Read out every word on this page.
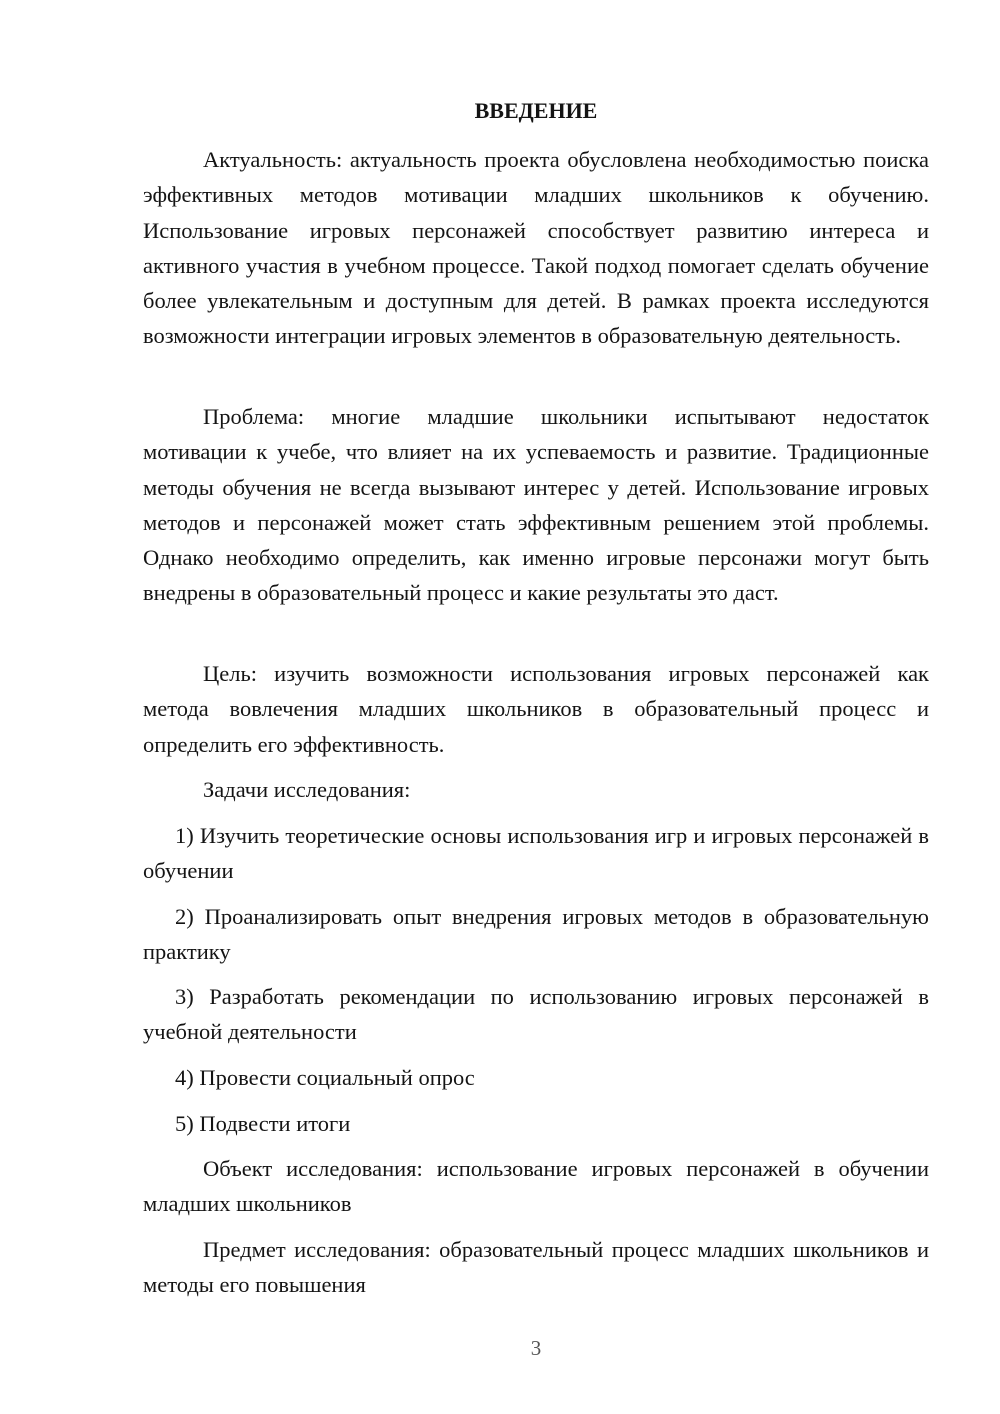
ВВЕДЕНИЕ

Актуальность: актуальность проекта обусловлена необходимостью поиска эффективных методов мотивации младших школьников к обучению. Использование игровых персонажей способствует развитию интереса и активного участия в учебном процессе. Такой подход помогает сделать обучение более увлекательным и доступным для детей. В рамках проекта исследуются возможности интеграции игровых элементов в образовательную деятельность.

Проблема: многие младшие школьники испытывают недостаток мотивации к учебе, что влияет на их успеваемость и развитие. Традиционные методы обучения не всегда вызывают интерес у детей. Использование игровых методов и персонажей может стать эффективным решением этой проблемы. Однако необходимо определить, как именно игровые персонажи могут быть внедрены в образовательный процесс и какие результаты это даст.

Цель: изучить возможности использования игровых персонажей как метода вовлечения младших школьников в образовательный процесс и определить его эффективность.

Задачи исследования:

1) Изучить теоретические основы использования игр и игровых персонажей в обучении

2) Проанализировать опыт внедрения игровых методов в образовательную практику

3) Разработать рекомендации по использованию игровых персонажей в учебной деятельности

4) Провести социальный опрос

5) Подвести итоги

Объект исследования: использование игровых персонажей в обучении младших школьников

Предмет исследования: образовательный процесс младших школьников и методы его повышения

3
